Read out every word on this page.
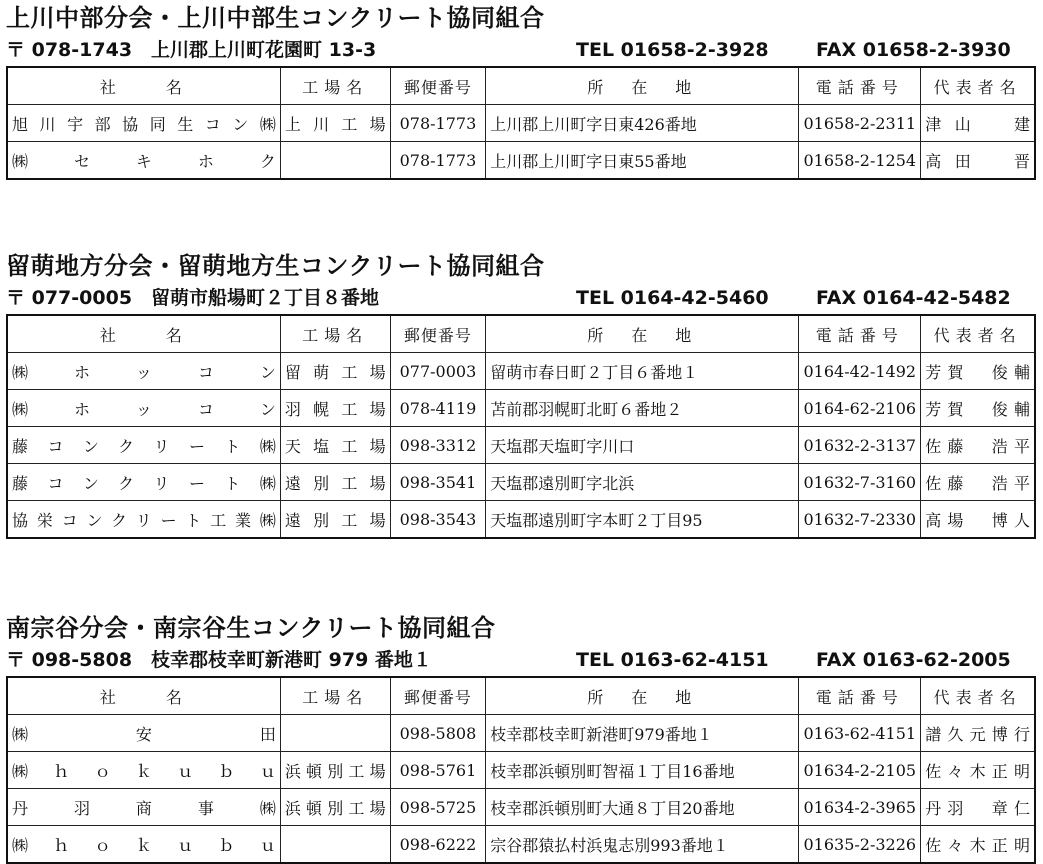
上川中部分会・上川中部生コンクリート協同組合
〒 078-1743　上川郡上川町花園町 13-3	TEL 01658-2-3928 FAX 01658-2-3930
社　　名	工場名	郵便番号	所　在　地	電話番号	代表者名
旭川宇部協同生コン㈱	上川工場	078-1773	上川郡上川町字日東426番地	01658-2-2311	津山　建
㈱セキホク		078-1773	上川郡上川町字日東55番地	01658-2-1254	高田　晋
留萌地方分会・留萌地方生コンクリート協同組合
〒 077-0005　留萌市船場町２丁目８番地	TEL 0164-42-5460 FAX 0164-42-5482
社　　名	工場名	郵便番号	所　在　地	電話番号	代表者名
㈱ホッコン	留萌工場	077-0003	留萌市春日町２丁目６番地１	0164-42-1492	芳賀　俊輔
㈱ホッコン	羽幌工場	078-4119	苫前郡羽幌町北町６番地２	0164-62-2106	芳賀　俊輔
藤コンクリート㈱	天塩工場	098-3312	天塩郡天塩町字川口	01632-2-3137	佐藤　浩平
藤コンクリート㈱	遠別工場	098-3541	天塩郡遠別町字北浜	01632-7-3160	佐藤　浩平
協栄コンクリート工業㈱	遠別工場	098-3543	天塩郡遠別町字本町２丁目95	01632-7-2330	高場　博人
南宗谷分会・南宗谷生コンクリート協同組合
〒 098-5808　枝幸郡枝幸町新港町 979 番地１	TEL 0163-62-4151 FAX 0163-62-2005
社　　名	工場名	郵便番号	所　在　地	電話番号	代表者名
㈱安田		098-5808	枝幸郡枝幸町新港町979番地１	0163-62-4151	譜久元博行
㈱ｈｏｋｕｂｕ	浜頓別工場	098-5761	枝幸郡浜頓別町智福１丁目16番地	01634-2-2105	佐々木正明
丹羽商事㈱	浜頓別工場	098-5725	枝幸郡浜頓別町大通８丁目20番地	01634-2-3965	丹羽　章仁
㈱ｈｏｋｕｂｕ		098-6222	宗谷郡猿払村浜鬼志別993番地１	01635-2-3226	佐々木正明
